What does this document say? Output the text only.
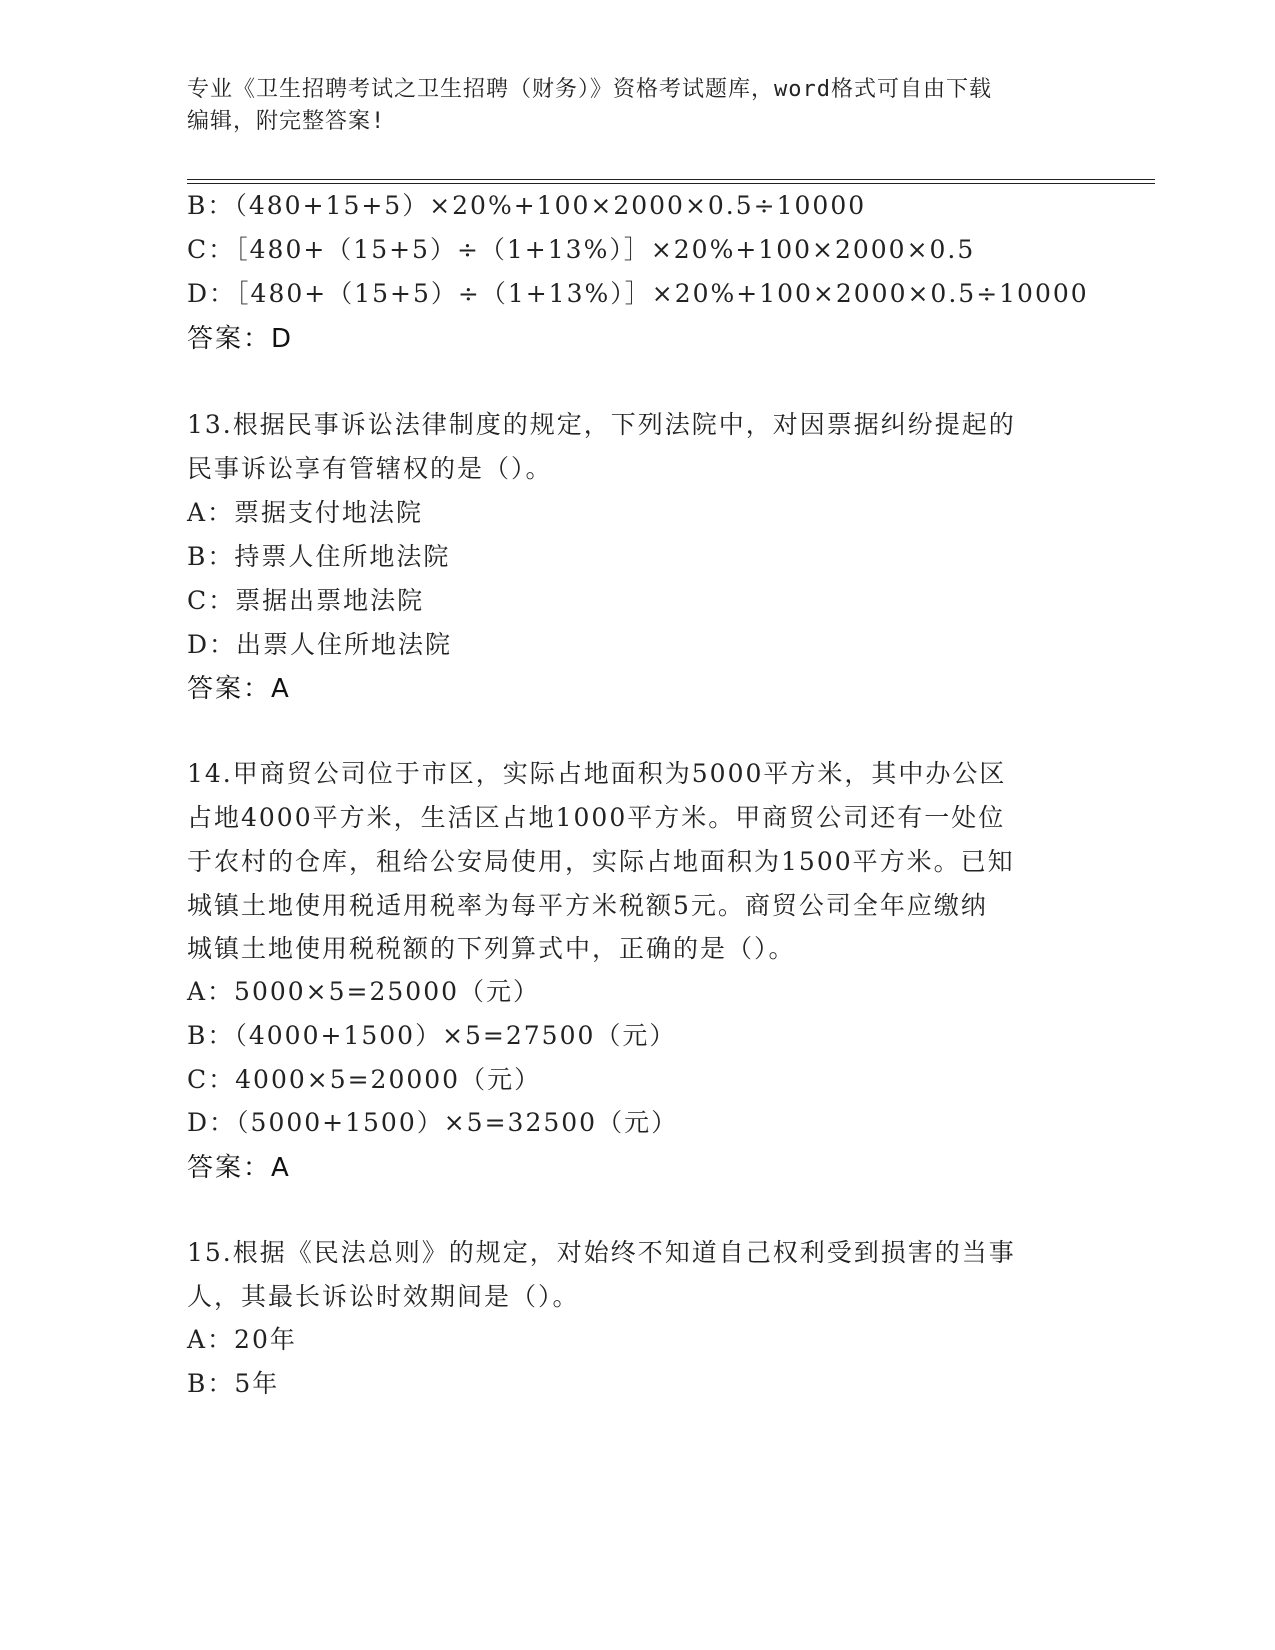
专业《卫生招聘考试之卫生招聘（财务）》资格考试题库，word格式可自由下载
编辑，附完整答案!
B：（480+15+5）×20%+100×2000×0.5÷10000
C：［480+（15+5）÷（1+13%）］×20%+100×2000×0.5
D：［480+（15+5）÷（1+13%）］×20%+100×2000×0.5÷10000
答案：D
13.根据民事诉讼法律制度的规定，下列法院中，对因票据纠纷提起的
民事诉讼享有管辖权的是（）。
A：票据支付地法院
B：持票人住所地法院
C：票据出票地法院
D：出票人住所地法院
答案：A
14.甲商贸公司位于市区，实际占地面积为5000平方米，其中办公区
占地4000平方米，生活区占地1000平方米。甲商贸公司还有一处位
于农村的仓库，租给公安局使用，实际占地面积为1500平方米。已知
城镇土地使用税适用税率为每平方米税额5元。商贸公司全年应缴纳
城镇土地使用税税额的下列算式中，正确的是（）。
A：5000×5=25000（元）
B：（4000+1500）×5=27500（元）
C：4000×5=20000（元）
D：（5000+1500）×5=32500（元）
答案：A
15.根据《民法总则》的规定，对始终不知道自己权利受到损害的当事
人，其最长诉讼时效期间是（）。
A：20年
B：5年
